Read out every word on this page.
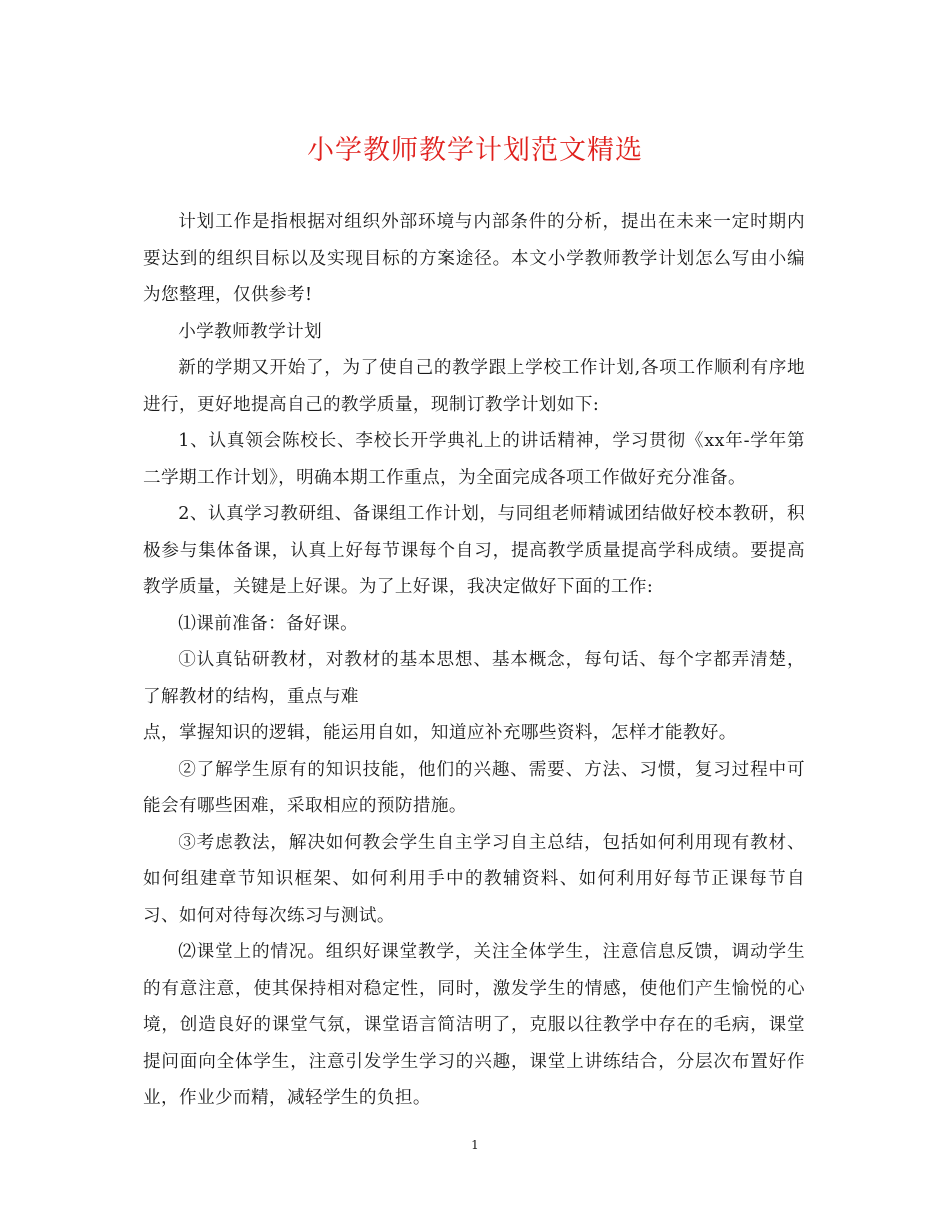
小学教师教学计划范文精选

计划工作是指根据对组织外部环境与内部条件的分析，提出在未来一定时期内要达到的组织目标以及实现目标的方案途径。本文小学教师教学计划怎么写由小编为您整理，仅供参考!

小学教师教学计划

新的学期又开始了，为了使自己的教学跟上学校工作计划,各项工作顺利有序地进行，更好地提高自己的教学质量，现制订教学计划如下:

1、认真领会陈校长、李校长开学典礼上的讲话精神，学习贯彻《xx年-学年第二学期工作计划》，明确本期工作重点，为全面完成各项工作做好充分准备。

2、认真学习教研组、备课组工作计划，与同组老师精诚团结做好校本教研，积极参与集体备课，认真上好每节课每个自习，提高教学质量提高学科成绩。要提高教学质量，关键是上好课。为了上好课，我决定做好下面的工作:

⑴课前准备：备好课。

①认真钻研教材，对教材的基本思想、基本概念，每句话、每个字都弄清楚，了解教材的结构，重点与难

点，掌握知识的逻辑，能运用自如，知道应补充哪些资料，怎样才能教好。

②了解学生原有的知识技能，他们的兴趣、需要、方法、习惯，复习过程中可能会有哪些困难，采取相应的预防措施。

③考虑教法，解决如何教会学生自主学习自主总结，包括如何利用现有教材、如何组建章节知识框架、如何利用手中的教辅资料、如何利用好每节正课每节自习、如何对待每次练习与测试。

⑵课堂上的情况。组织好课堂教学，关注全体学生，注意信息反馈，调动学生的有意注意，使其保持相对稳定性，同时，激发学生的情感，使他们产生愉悦的心境，创造良好的课堂气氛，课堂语言简洁明了，克服以往教学中存在的毛病，课堂提问面向全体学生，注意引发学生学习的兴趣，课堂上讲练结合，分层次布置好作业，作业少而精，减轻学生的负担。

1
